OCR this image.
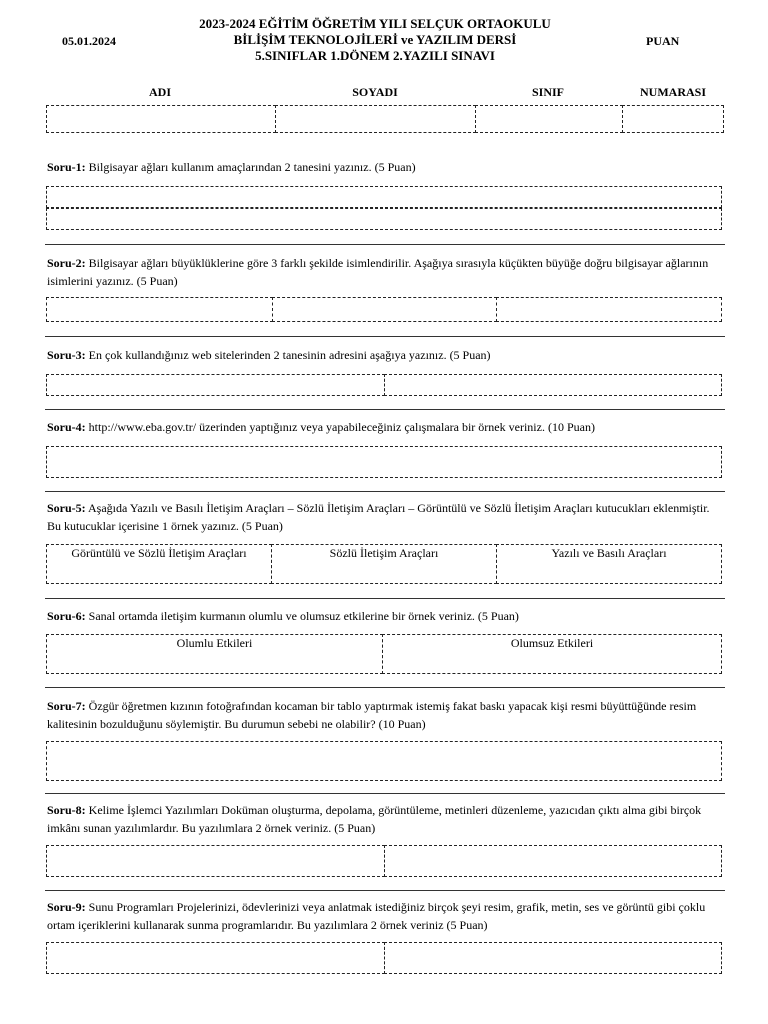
05.01.2024
2023-2024 EĞİTİM ÖĞRETİM YILI SELÇUK ORTAOKULU
BİLİŞİM TEKNOLOJİLERİ ve YAZILIM DERSİ
5.SINIFLAR 1.DÖNEM 2.YAZILI SINAVI
PUAN
ADI	SOYADI	SINIF	NUMARASI
Soru-1: Bilgisayar ağları kullanım amaçlarından 2 tanesini yazınız. (5 Puan)
Soru-2: Bilgisayar ağları büyüklüklerine göre 3 farklı şekilde isimlendirilir. Aşağıya sırasıyla küçükten büyüğe doğru bilgisayar ağlarının isimlerini yazınız. (5 Puan)
Soru-3: En çok kullandığınız web sitelerinden 2 tanesinin adresini aşağıya yazınız. (5 Puan)
Soru-4: http://www.eba.gov.tr/ üzerinden yaptığınız veya yapabileceğiniz çalışmalara bir örnek veriniz. (10 Puan)
Soru-5: Aşağıda Yazılı ve Basılı İletişim Araçları – Sözlü İletişim Araçları – Görüntülü ve Sözlü İletişim Araçları kutucukları eklenmiştir. Bu kutucuklar içerisine 1 örnek yazınız. (5 Puan)
Görüntülü ve Sözlü İletişim Araçları	Sözlü İletişim Araçları	Yazılı ve Basılı Araçları
Soru-6: Sanal ortamda iletişim kurmanın olumlu ve olumsuz etkilerine bir örnek veriniz. (5 Puan)
Olumlu Etkileri	Olumsuz Etkileri
Soru-7: Özgür öğretmen kızının fotoğrafından kocaman bir tablo yaptırmak istemiş fakat baskı yapacak kişi resmi büyüttüğünde resim kalitesinin bozulduğunu söylemiştir. Bu durumun sebebi ne olabilir? (10 Puan)
Soru-8: Kelime İşlemci Yazılımları Doküman oluşturma, depolama, görüntüleme, metinleri düzenleme, yazıcıdan çıktı alma gibi birçok imkânı sunan yazılımlardır. Bu yazılımlara 2 örnek veriniz. (5 Puan)
Soru-9: Sunu Programları Projelerinizi, ödevlerinizi veya anlatmak istediğiniz birçok şeyi resim, grafik, metin, ses ve görüntü gibi çoklu ortam içeriklerini kullanarak sunma programlarıdır. Bu yazılımlara 2 örnek veriniz (5 Puan)
